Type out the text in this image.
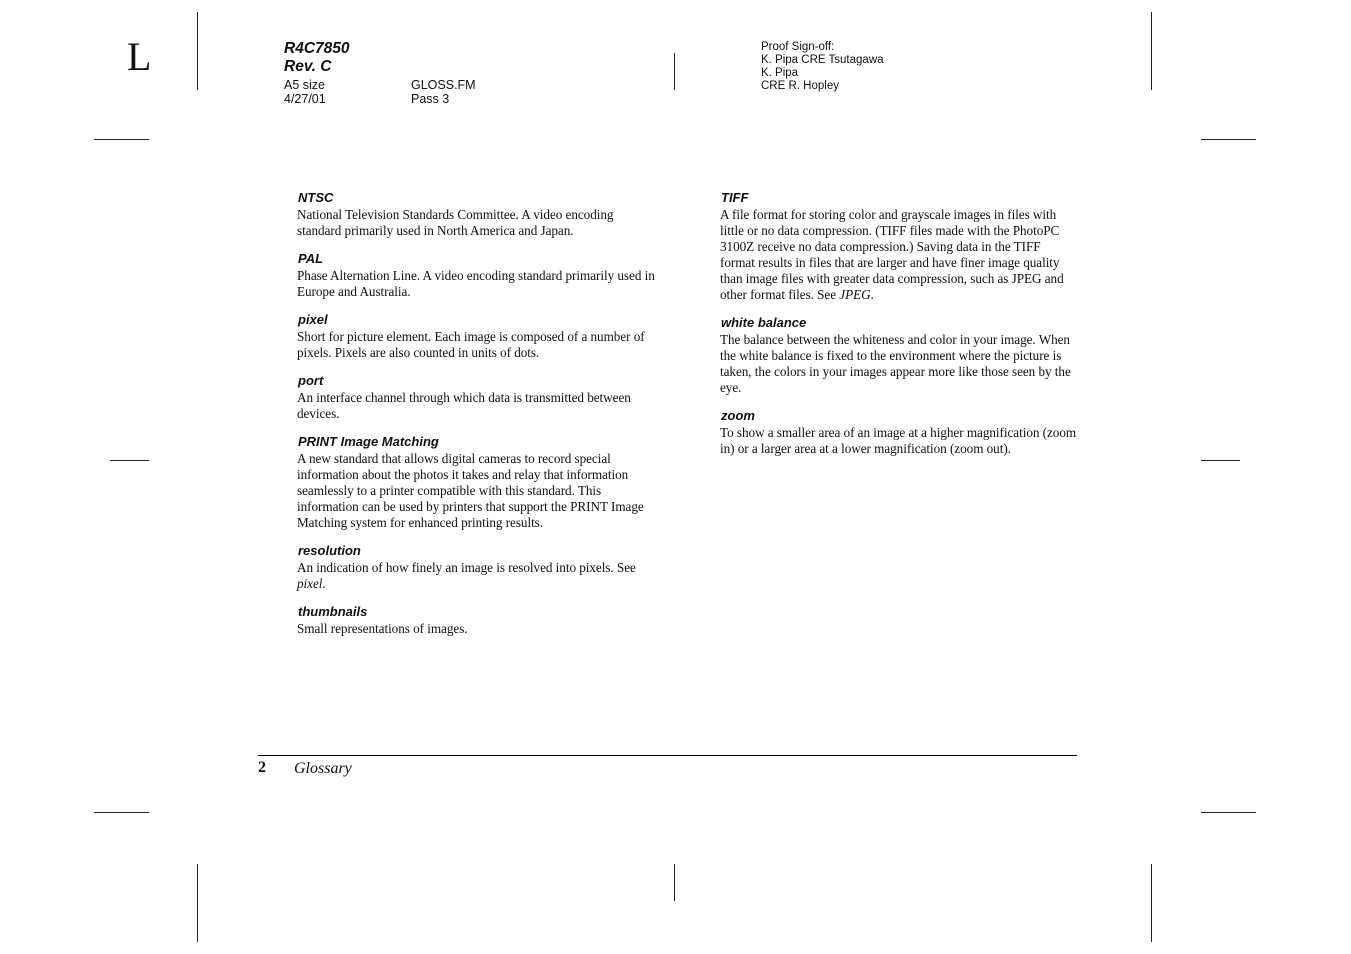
L	R4C7850
Rev. C
A5 size
4/27/01
GLOSS.FM
Pass 3
Proof Sign-off:
K. Pipa CRE Tsutagawa
K. Pipa
CRE R. Hopley
NTSC
National Television Standards Committee. A video encoding standard primarily used in North America and Japan.
PAL
Phase Alternation Line. A video encoding standard primarily used in Europe and Australia.
pixel
Short for picture element. Each image is composed of a number of pixels. Pixels are also counted in units of dots.
port
An interface channel through which data is transmitted between devices.
PRINT Image Matching
A new standard that allows digital cameras to record special information about the photos it takes and relay that information seamlessly to a printer compatible with this standard. This information can be used by printers that support the PRINT Image Matching system for enhanced printing results.
resolution
An indication of how finely an image is resolved into pixels. See pixel.
thumbnails
Small representations of images.
TIFF
A file format for storing color and grayscale images in files with little or no data compression. (TIFF files made with the PhotoPC 3100Z receive no data compression.) Saving data in the TIFF format results in files that are larger and have finer image quality than image files with greater data compression, such as JPEG and other format files. See JPEG.
white balance
The balance between the whiteness and color in your image. When the white balance is fixed to the environment where the picture is taken, the colors in your images appear more like those seen by the eye.
zoom
To show a smaller area of an image at a higher magnification (zoom in) or a larger area at a lower magnification (zoom out).
2 Glossary
